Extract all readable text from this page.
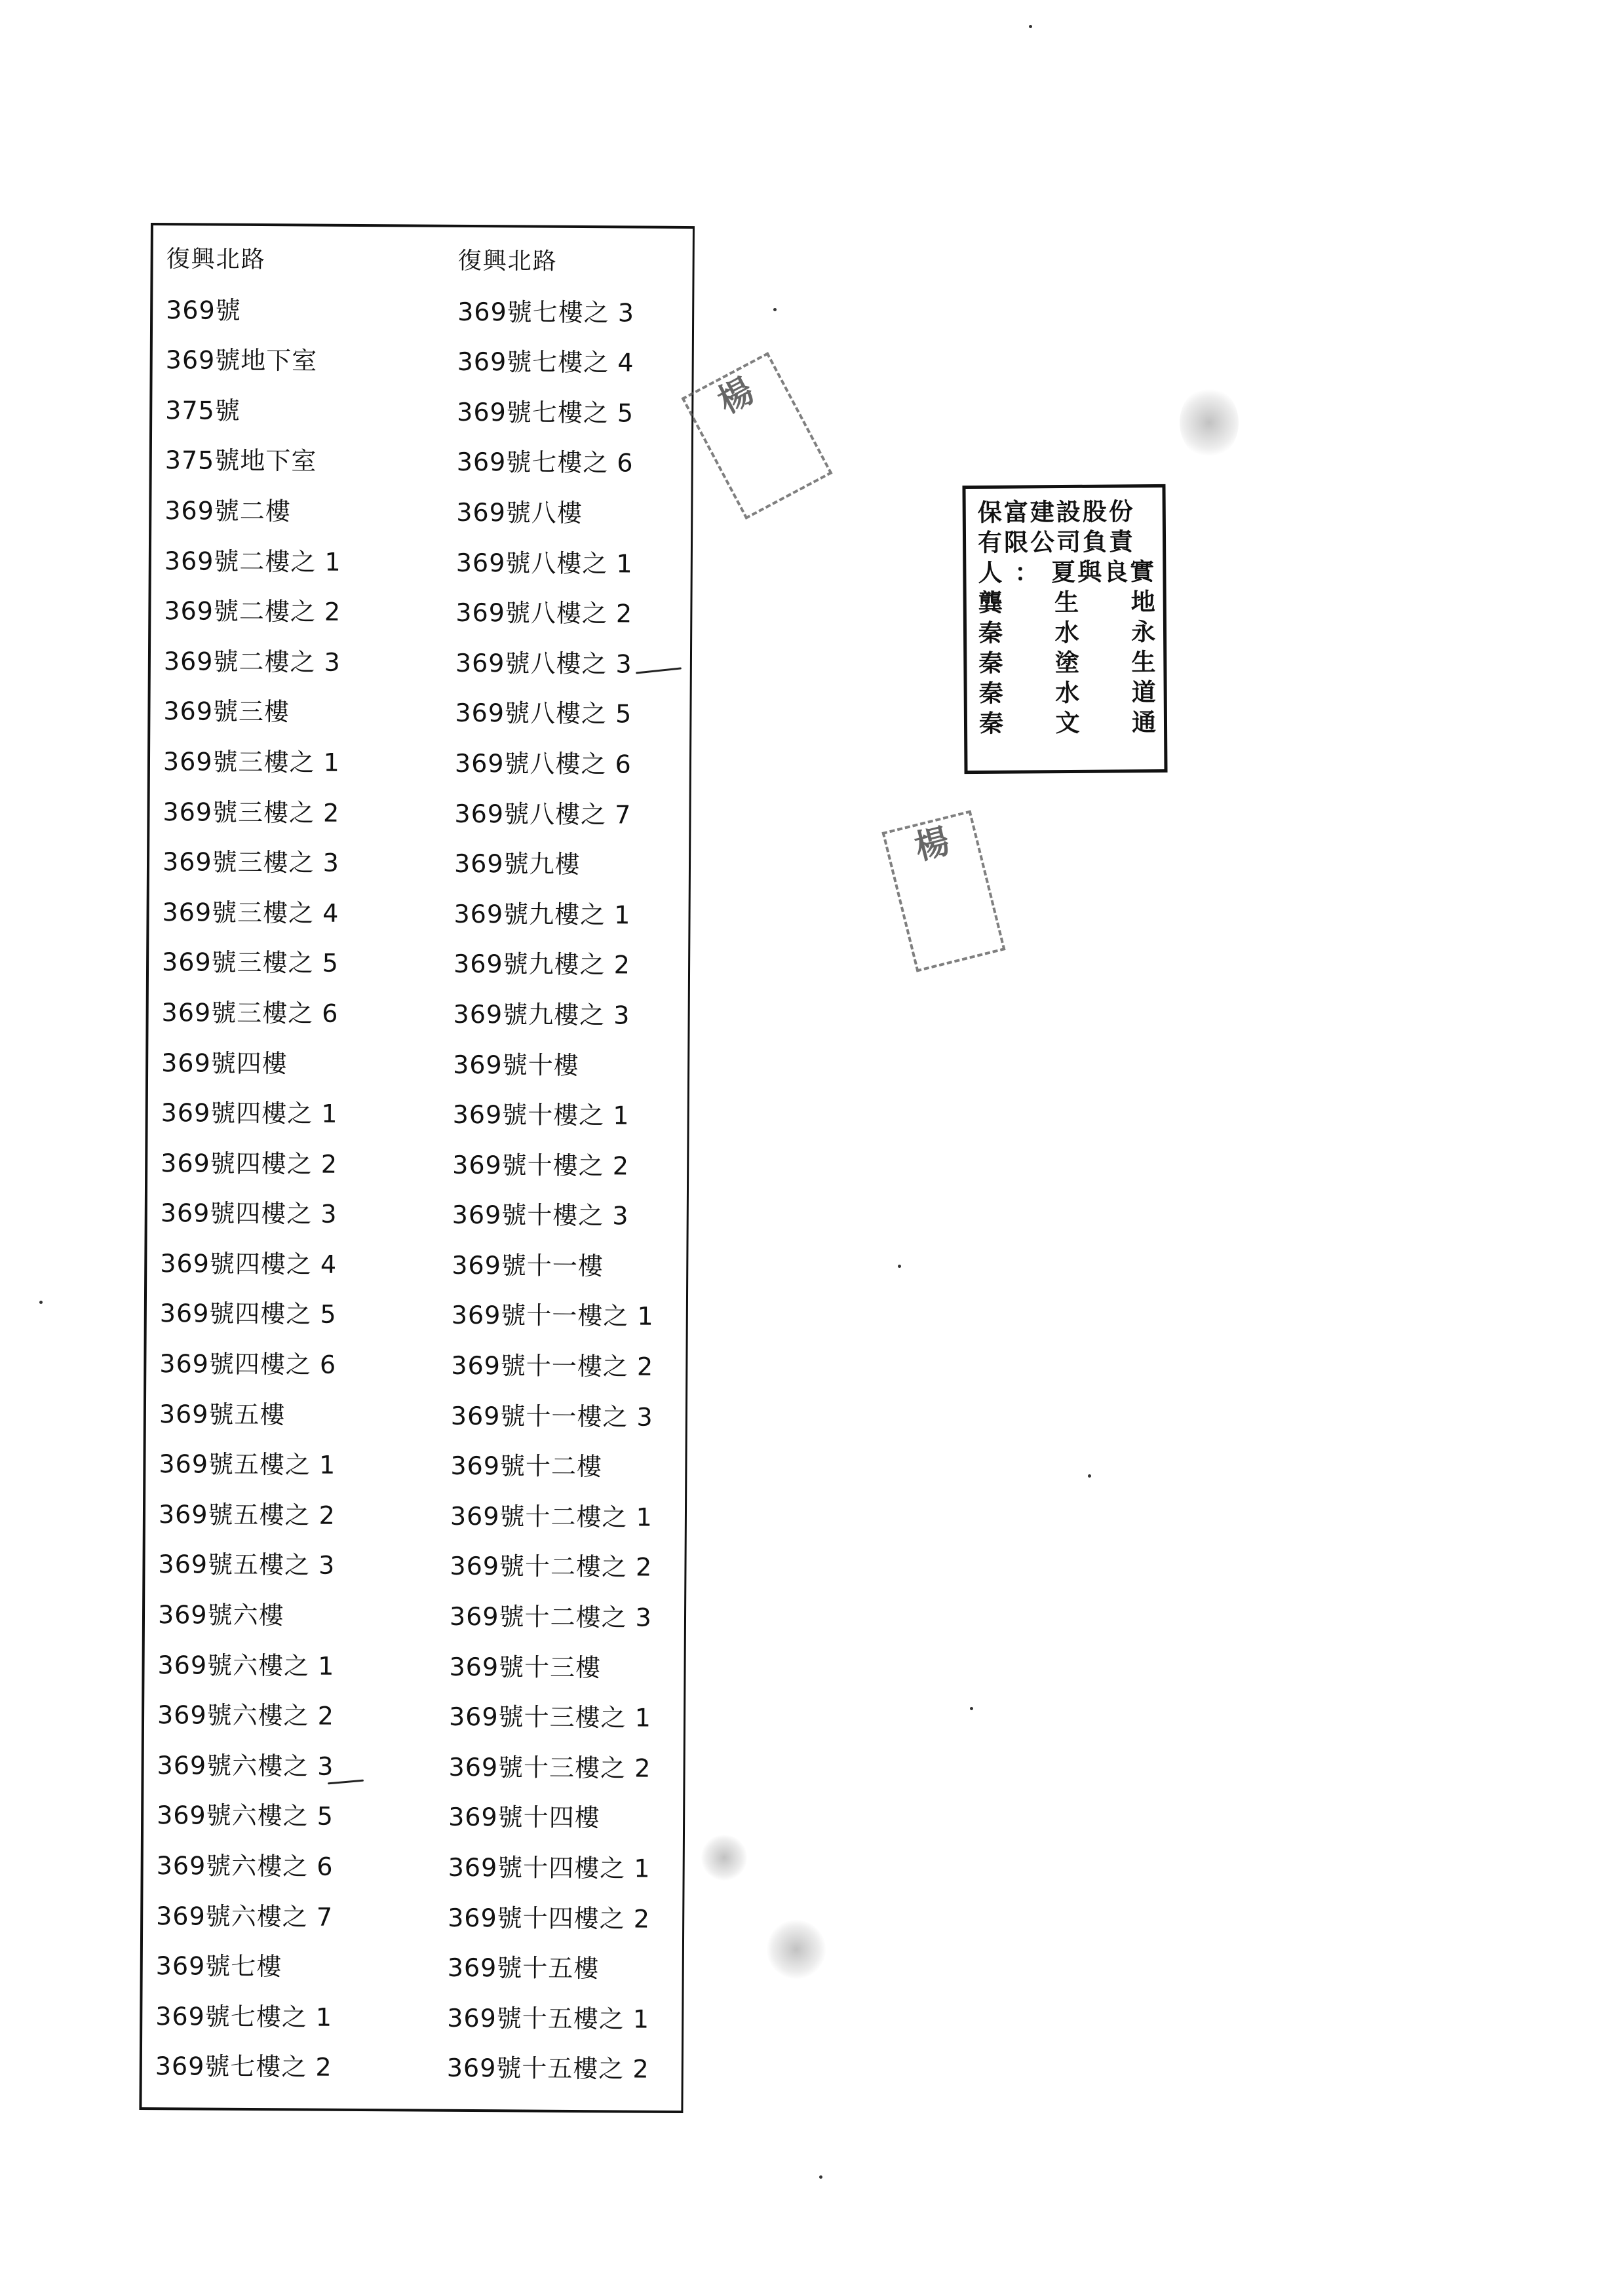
復興北路
369號
369號地下室
375號
375號地下室
369號二樓
369號二樓之 1
369號二樓之 2
369號二樓之 3
369號三樓
369號三樓之 1
369號三樓之 2
369號三樓之 3
369號三樓之 4
369號三樓之 5
369號三樓之 6
369號四樓
369號四樓之 1
369號四樓之 2
369號四樓之 3
369號四樓之 4
369號四樓之 5
369號四樓之 6
369號五樓
369號五樓之 1
369號五樓之 2
369號五樓之 3
369號六樓
369號六樓之 1
369號六樓之 2
369號六樓之 3
369號六樓之 5
369號六樓之 6
369號六樓之 7
369號七樓
369號七樓之 1
369號七樓之 2
復興北路
369號七樓之 3
369號七樓之 4
369號七樓之 5
369號七樓之 6
369號八樓
369號八樓之 1
369號八樓之 2
369號八樓之 3
369號八樓之 5
369號八樓之 6
369號八樓之 7
369號九樓
369號九樓之 1
369號九樓之 2
369號九樓之 3
369號十樓
369號十樓之 1
369號十樓之 2
369號十樓之 3
369號十一樓
369號十一樓之 1
369號十一樓之 2
369號十一樓之 3
369號十二樓
369號十二樓之 1
369號十二樓之 2
369號十二樓之 3
369號十三樓
369號十三樓之 1
369號十三樓之 2
369號十四樓
369號十四樓之 1
369號十四樓之 2
369號十五樓
369號十五樓之 1
369號十五樓之 2
保富建設股份
有限公司負責
人 ： 夏與良實
龔 生 地
秦 水 永
秦 塗 生
秦 水 道
秦 文 通
楊
楊
